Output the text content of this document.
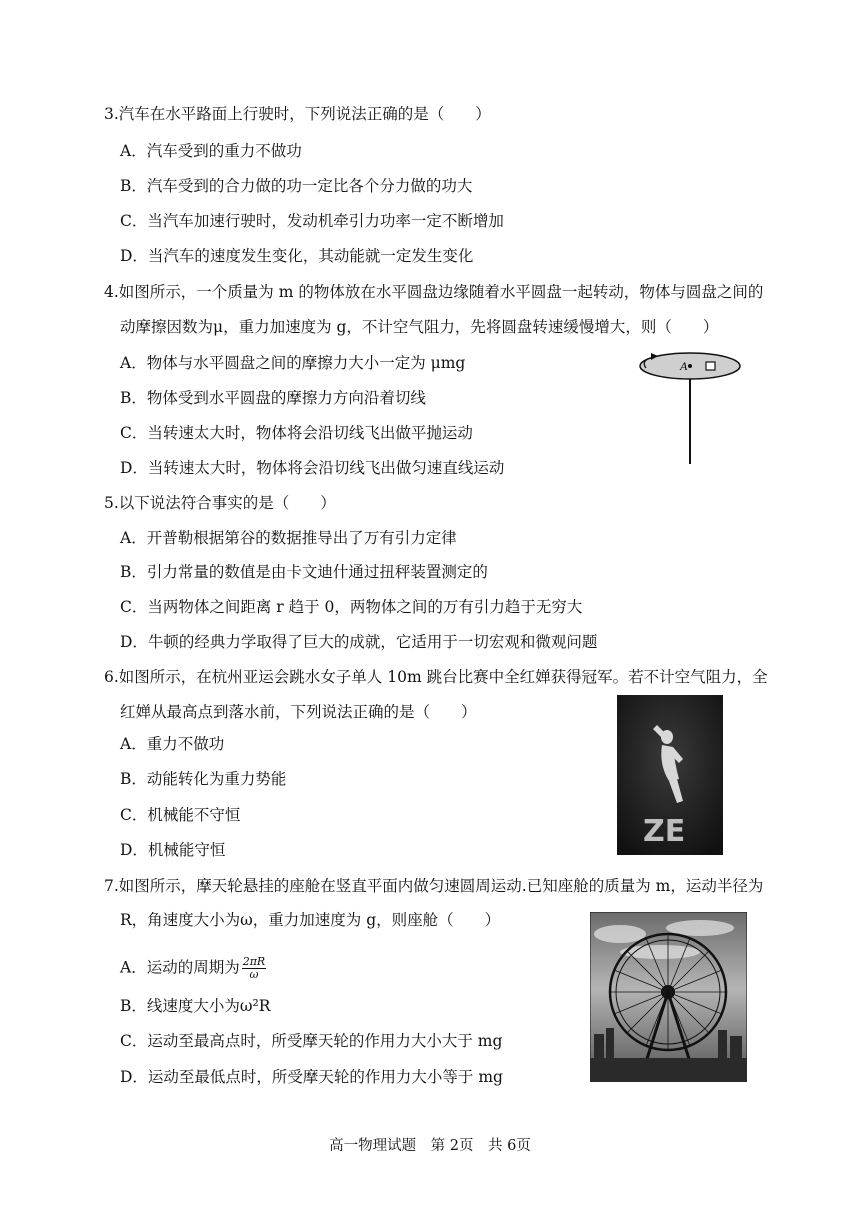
3.汽车在水平路面上行驶时，下列说法正确的是（　　）
A．汽车受到的重力不做功
B．汽车受到的合力做的功一定比各个分力做的功大
C．当汽车加速行驶时，发动机牵引力功率一定不断增加
D．当汽车的速度发生变化，其动能就一定发生变化
4.如图所示，一个质量为 m 的物体放在水平圆盘边缘随着水平圆盘一起转动，物体与圆盘之间的
动摩擦因数为μ，重力加速度为 g，不计空气阻力，先将圆盘转速缓慢增大，则（　　）
A．物体与水平圆盘之间的摩擦力大小一定为 μmg
B．物体受到水平圆盘的摩擦力方向沿着切线
C．当转速太大时，物体将会沿切线飞出做平抛运动
D．当转速太大时，物体将会沿切线飞出做匀速直线运动
A
5.以下说法符合事实的是（　　）
A．开普勒根据第谷的数据推导出了万有引力定律
B．引力常量的数值是由卡文迪什通过扭秤装置测定的
C．当两物体之间距离 r 趋于 0，两物体之间的万有引力趋于无穷大
D．牛顿的经典力学取得了巨大的成就，它适用于一切宏观和微观问题
6.如图所示，在杭州亚运会跳水女子单人 10m 跳台比赛中全红婵获得冠军。若不计空气阻力，全
红婵从最高点到落水前，下列说法正确的是（　　）
A．重力不做功
B．动能转化为重力势能
C．机械能不守恒
D．机械能守恒
ZE
7.如图所示，摩天轮悬挂的座舱在竖直平面内做匀速圆周运动.已知座舱的质量为 m，运动半径为
R，角速度大小为ω，重力加速度为 g，则座舱（　　）
A．运动的周期为 $\frac{2\pi R}{\omega}$
B．线速度大小为ω²R
C．运动至最高点时，所受摩天轮的作用力大小大于 mg
D．运动至最低点时，所受摩天轮的作用力大小等于 mg
高一物理试题　第 2页　共 6页
